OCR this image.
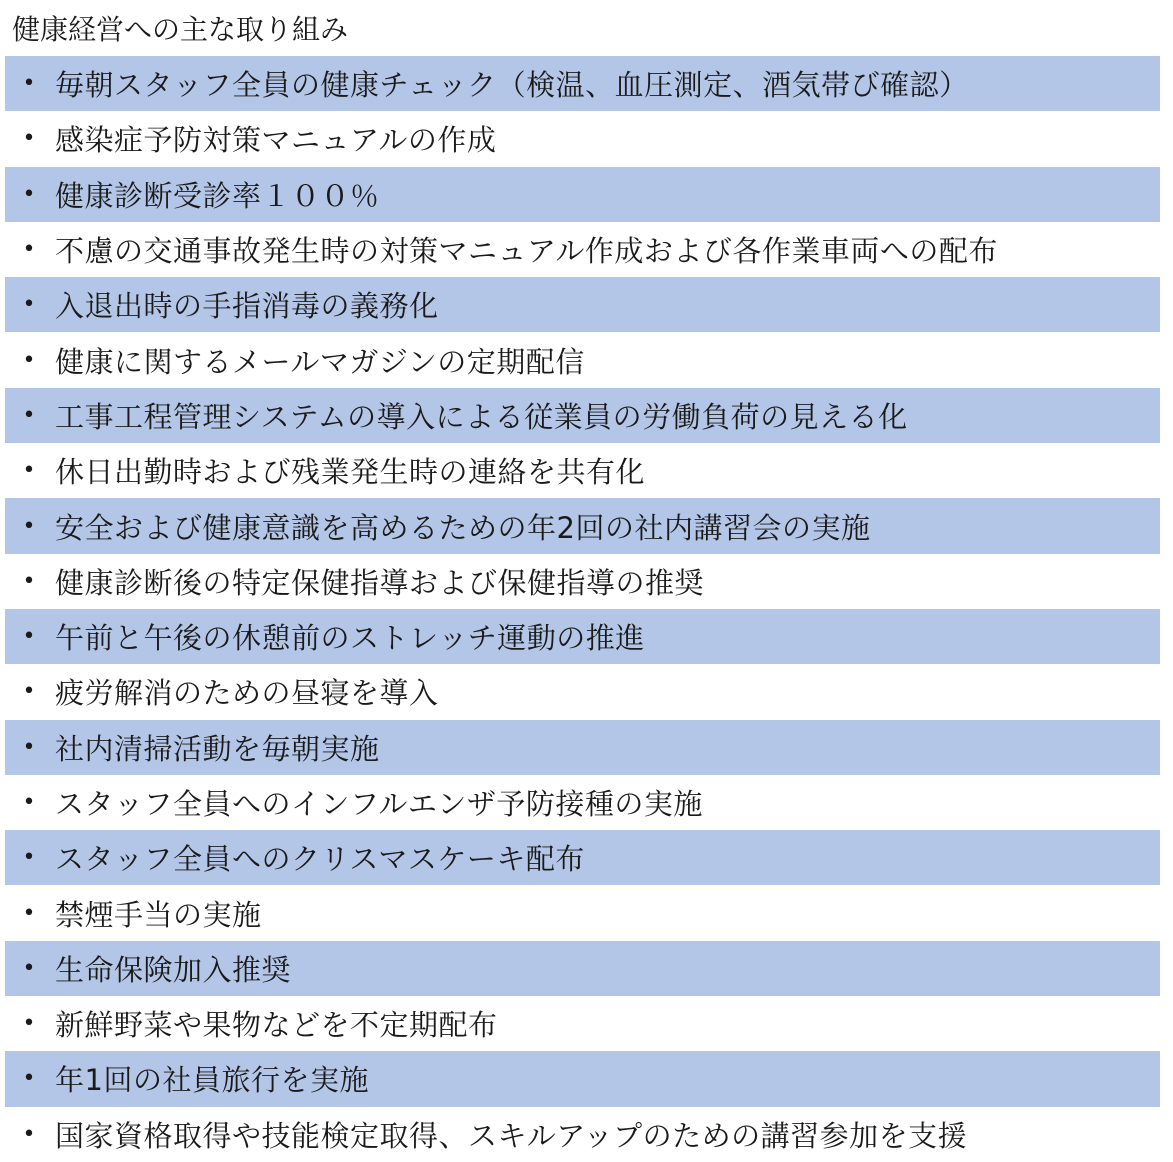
健康経営への主な取り組み
• 毎朝スタッフ全員の健康チェック（検温、血圧測定、酒気帯び確認）
• 感染症予防対策マニュアルの作成
• 健康診断受診率１００％
• 不慮の交通事故発生時の対策マニュアル作成および各作業車両への配布
• 入退出時の手指消毒の義務化
• 健康に関するメールマガジンの定期配信
• 工事工程管理システムの導入による従業員の労働負荷の見える化
• 休日出勤時および残業発生時の連絡を共有化
• 安全および健康意識を高めるための年2回の社内講習会の実施
• 健康診断後の特定保健指導および保健指導の推奨
• 午前と午後の休憩前のストレッチ運動の推進
• 疲労解消のための昼寝を導入
• 社内清掃活動を毎朝実施
• スタッフ全員へのインフルエンザ予防接種の実施
• スタッフ全員へのクリスマスケーキ配布
• 禁煙手当の実施
• 生命保険加入推奨
• 新鮮野菜や果物などを不定期配布
• 年1回の社員旅行を実施
• 国家資格取得や技能検定取得、スキルアップのための講習参加を支援
